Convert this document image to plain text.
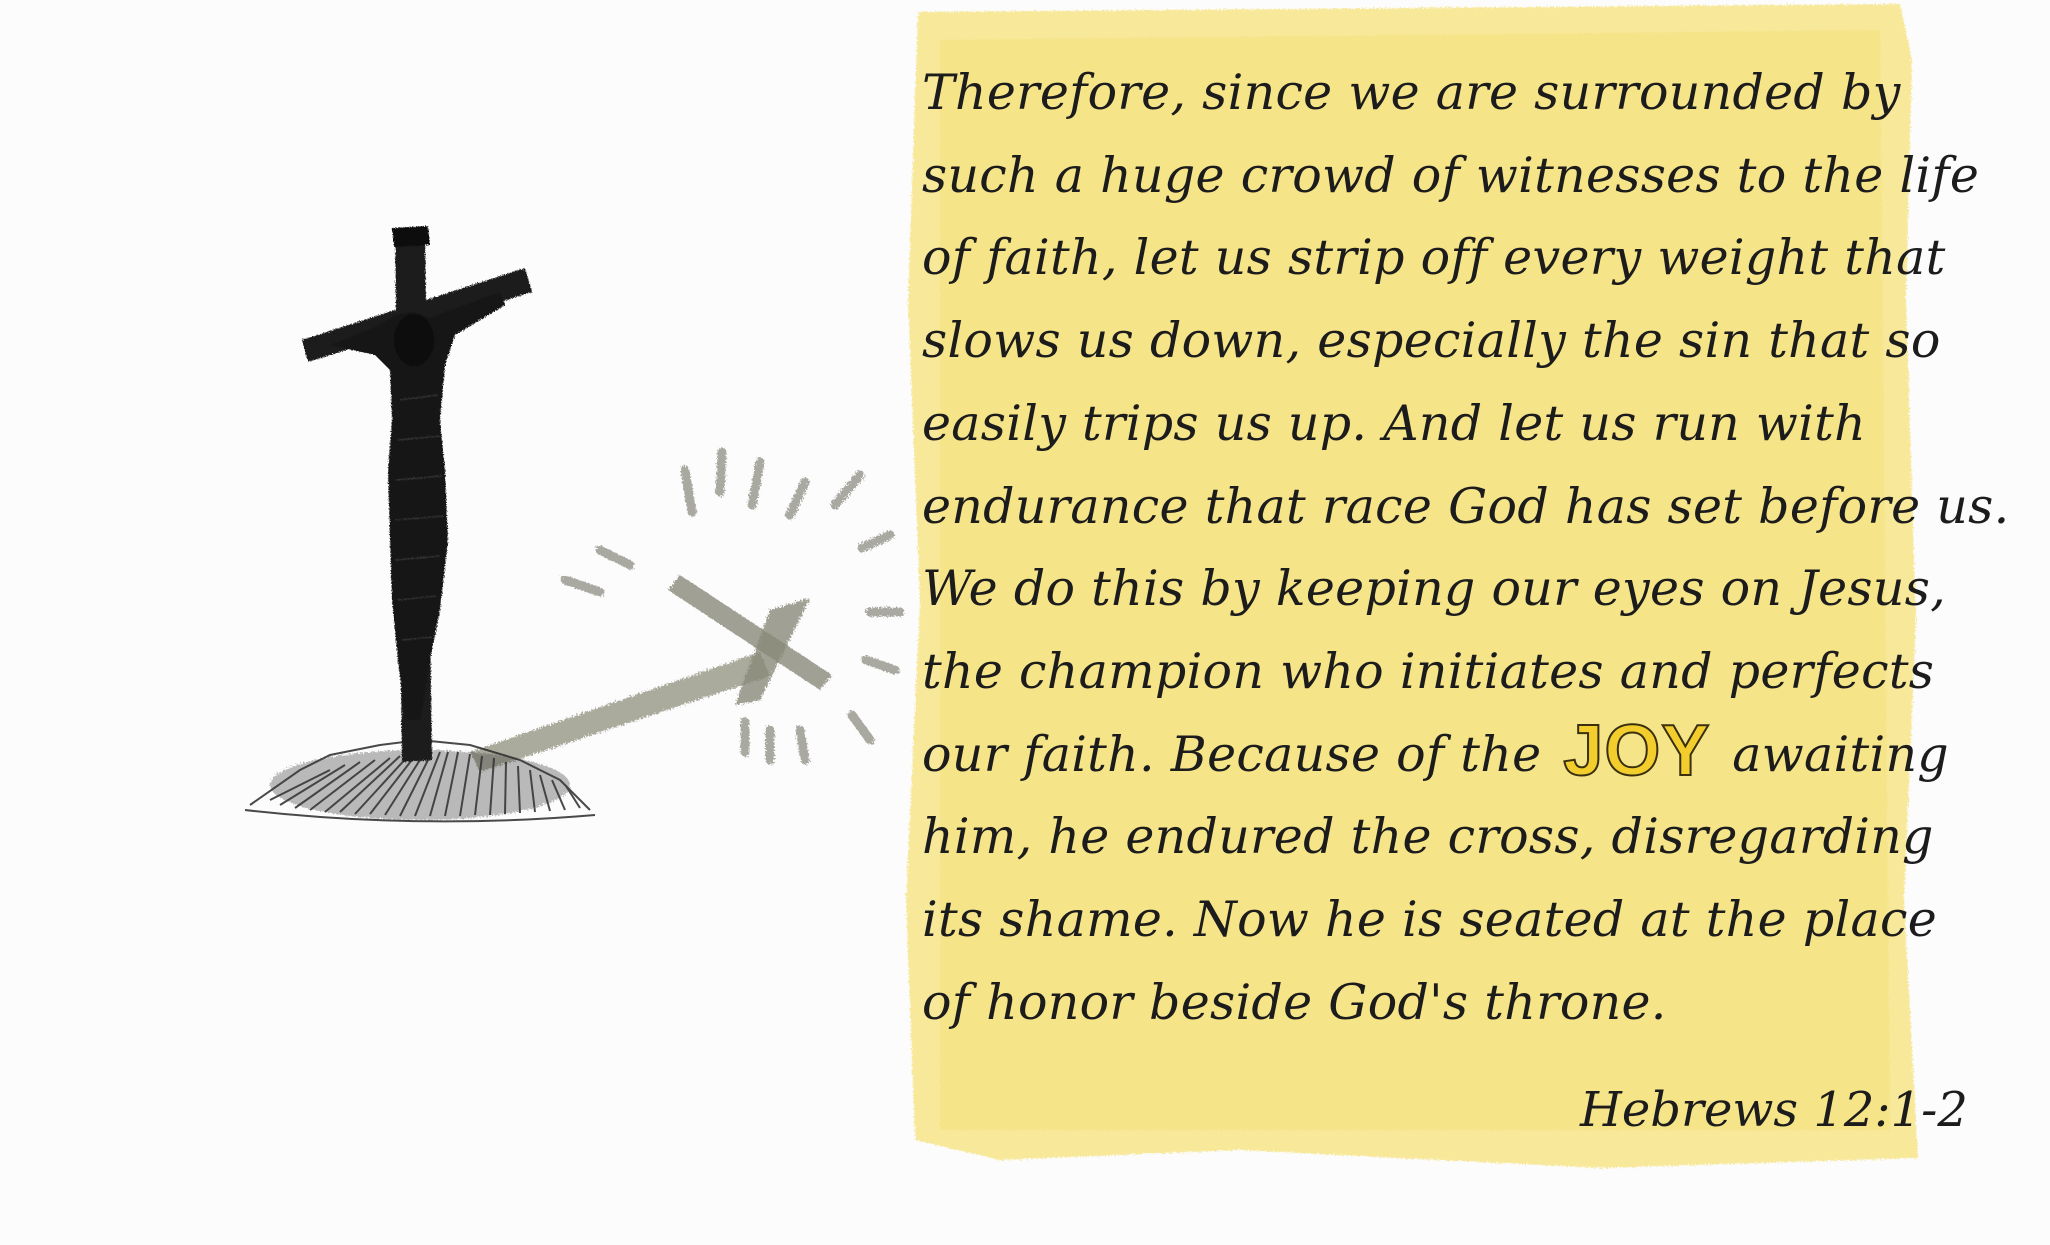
Therefore, since we are surrounded by
such a huge crowd of witnesses to the life
of faith, let us strip off every weight that
slows us down, especially the sin that so
easily trips us up. And let us run with
endurance that race God has set before us.
We do this by keeping our eyes on Jesus,
the champion who initiates and perfects
our faith. Because of the JOY awaiting
him, he endured the cross, disregarding
its shame. Now he is seated at the place
of honor beside God's throne.

Hebrews 12:1-2
